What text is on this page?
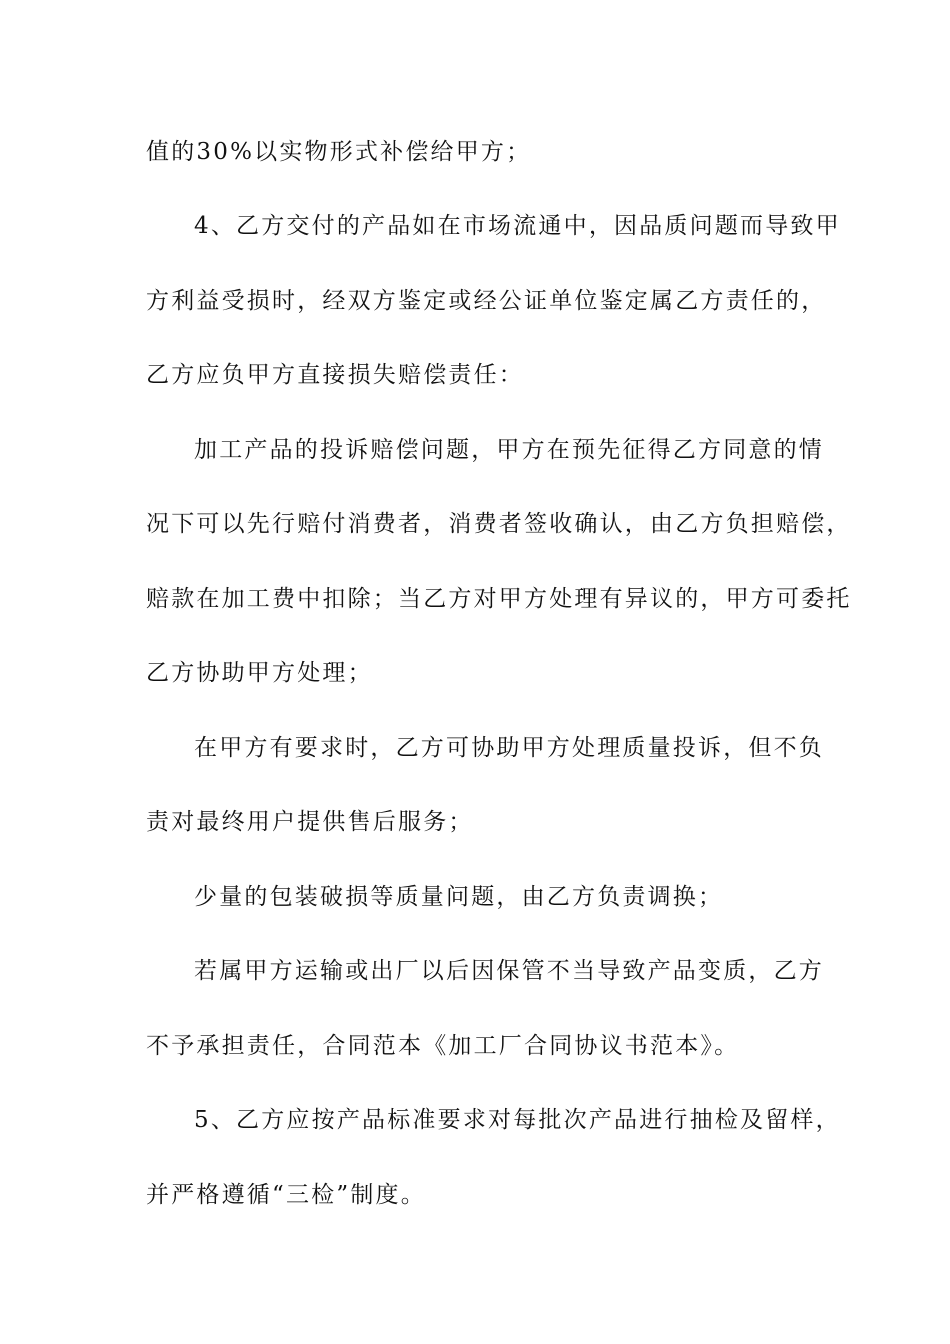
值的30%以实物形式补偿给甲方；
4、乙方交付的产品如在市场流通中，因品质问题而导致甲
方利益受损时，经双方鉴定或经公证单位鉴定属乙方责任的，
乙方应负甲方直接损失赔偿责任：
加工产品的投诉赔偿问题，甲方在预先征得乙方同意的情
况下可以先行赔付消费者，消费者签收确认，由乙方负担赔偿，
赔款在加工费中扣除；当乙方对甲方处理有异议的，甲方可委托
乙方协助甲方处理；
在甲方有要求时，乙方可协助甲方处理质量投诉，但不负
责对最终用户提供售后服务；
少量的包装破损等质量问题，由乙方负责调换；
若属甲方运输或出厂以后因保管不当导致产品变质，乙方
不予承担责任，合同范本《加工厂合同协议书范本》。
5、乙方应按产品标准要求对每批次产品进行抽检及留样，
并严格遵循“三检”制度。
